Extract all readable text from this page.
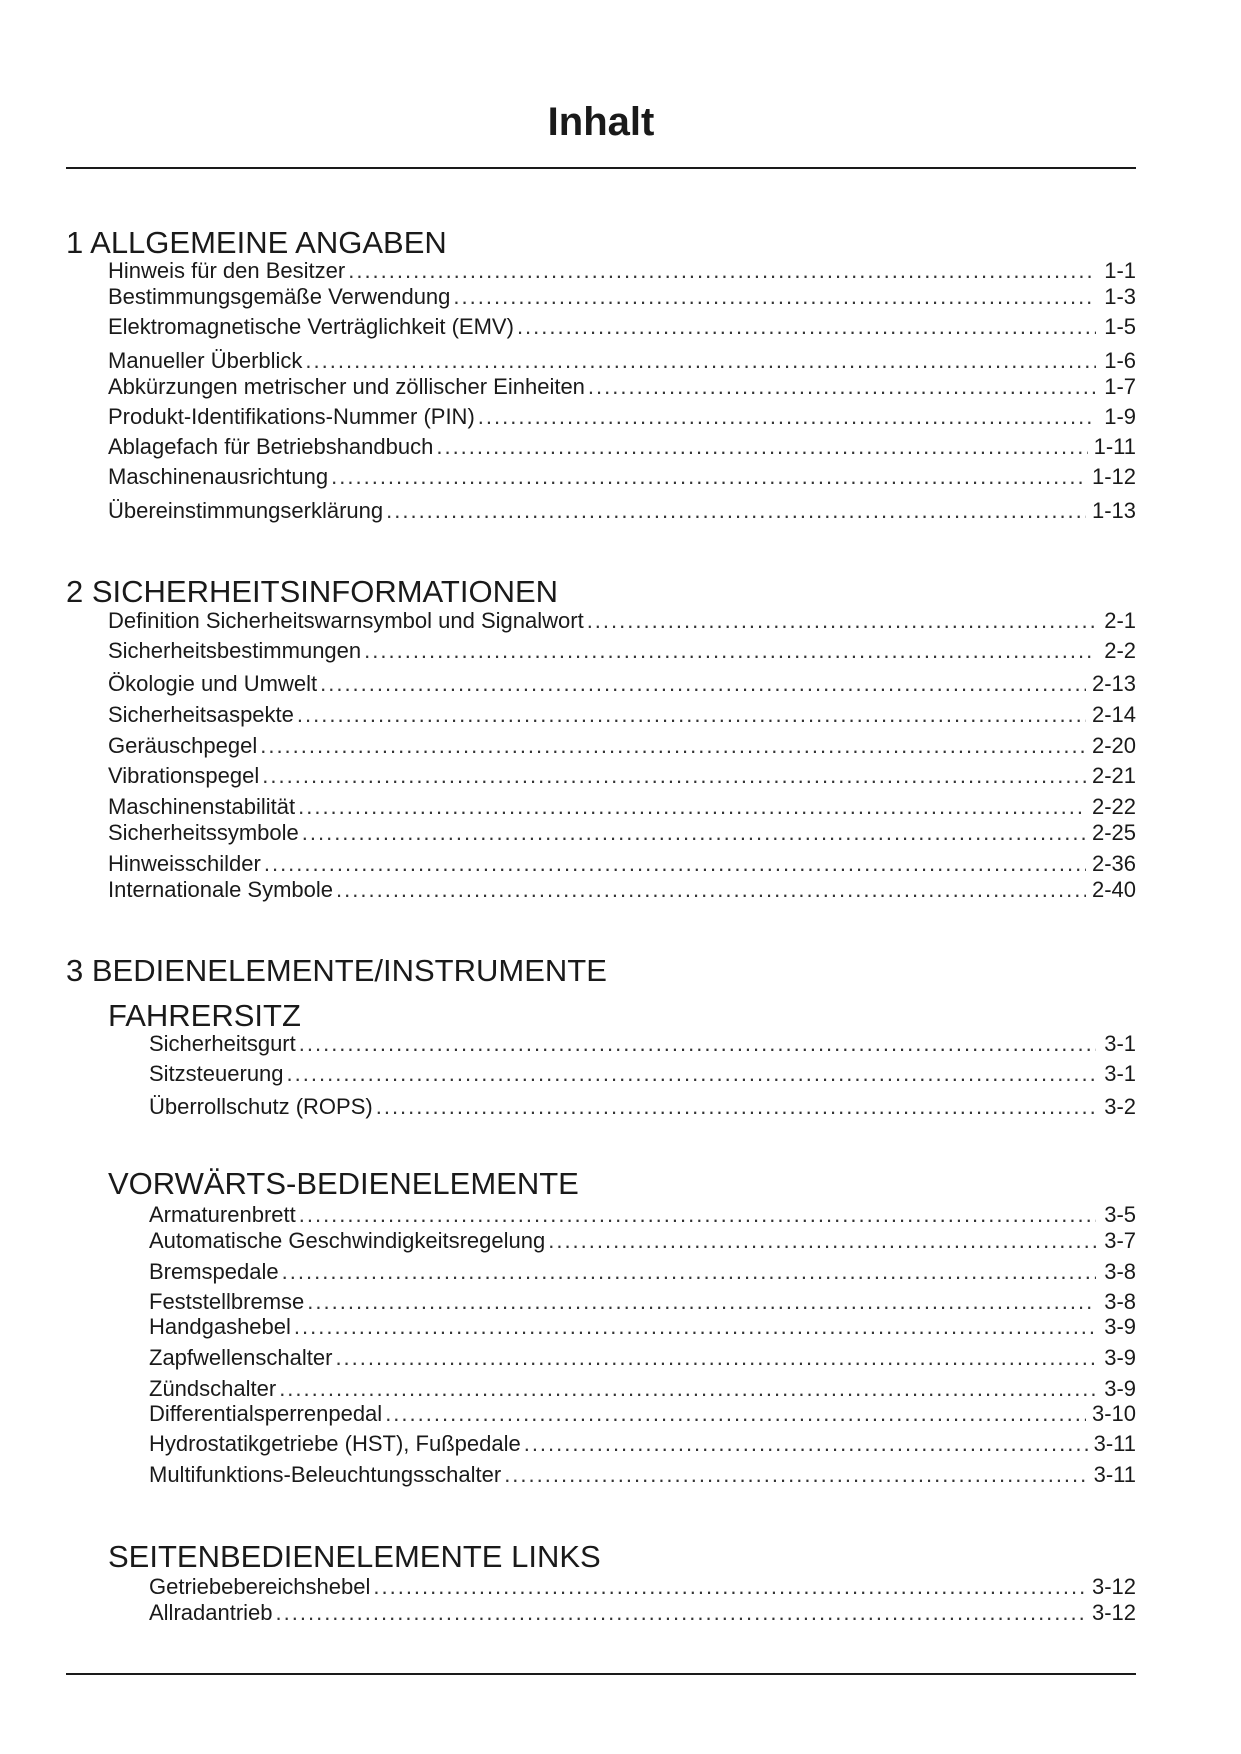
Inhalt
1 ALLGEMEINE ANGABEN
Hinweis für den Besitzer .....	1-1
Bestimmungsgemäße Verwendung .....	1-3
Elektromagnetische Verträglichkeit (EMV) .....	1-5
Manueller Überblick .....	1-6
Abkürzungen metrischer und zöllischer Einheiten .....	1-7
Produkt-Identifikations-Nummer (PIN) .....	1-9
Ablagefach für Betriebshandbuch .....	1-11
Maschinenausrichtung .....	1-12
Übereinstimmungserklärung .....	1-13
2 SICHERHEITSINFORMATIONEN
Definition Sicherheitswarnsymbol und Signalwort .....	2-1
Sicherheitsbestimmungen .....	2-2
Ökologie und Umwelt .....	2-13
Sicherheitsaspekte .....	2-14
Geräuschpegel .....	2-20
Vibrationspegel .....	2-21
Maschinenstabilität .....	2-22
Sicherheitssymbole .....	2-25
Hinweisschilder .....	2-36
Internationale Symbole .....	2-40
3 BEDIENELEMENTE/INSTRUMENTE
FAHRERSITZ
Sicherheitsgurt .....	3-1
Sitzsteuerung .....	3-1
Überrollschutz (ROPS) .....	3-2
VORWÄRTS-BEDIENELEMENTE
Armaturenbrett .....	3-5
Automatische Geschwindigkeitsregelung .....	3-7
Bremspedale .....	3-8
Feststellbremse .....	3-8
Handgashebel .....	3-9
Zapfwellenschalter .....	3-9
Zündschalter .....	3-9
Differentialsperrenpedal .....	3-10
Hydrostatikgetriebe (HST), Fußpedale .....	3-11
Multifunktions-Beleuchtungsschalter .....	3-11
SEITENBEDIENELEMENTE LINKS
Getriebebereichshebel .....	3-12
Allradantrieb .....	3-12
